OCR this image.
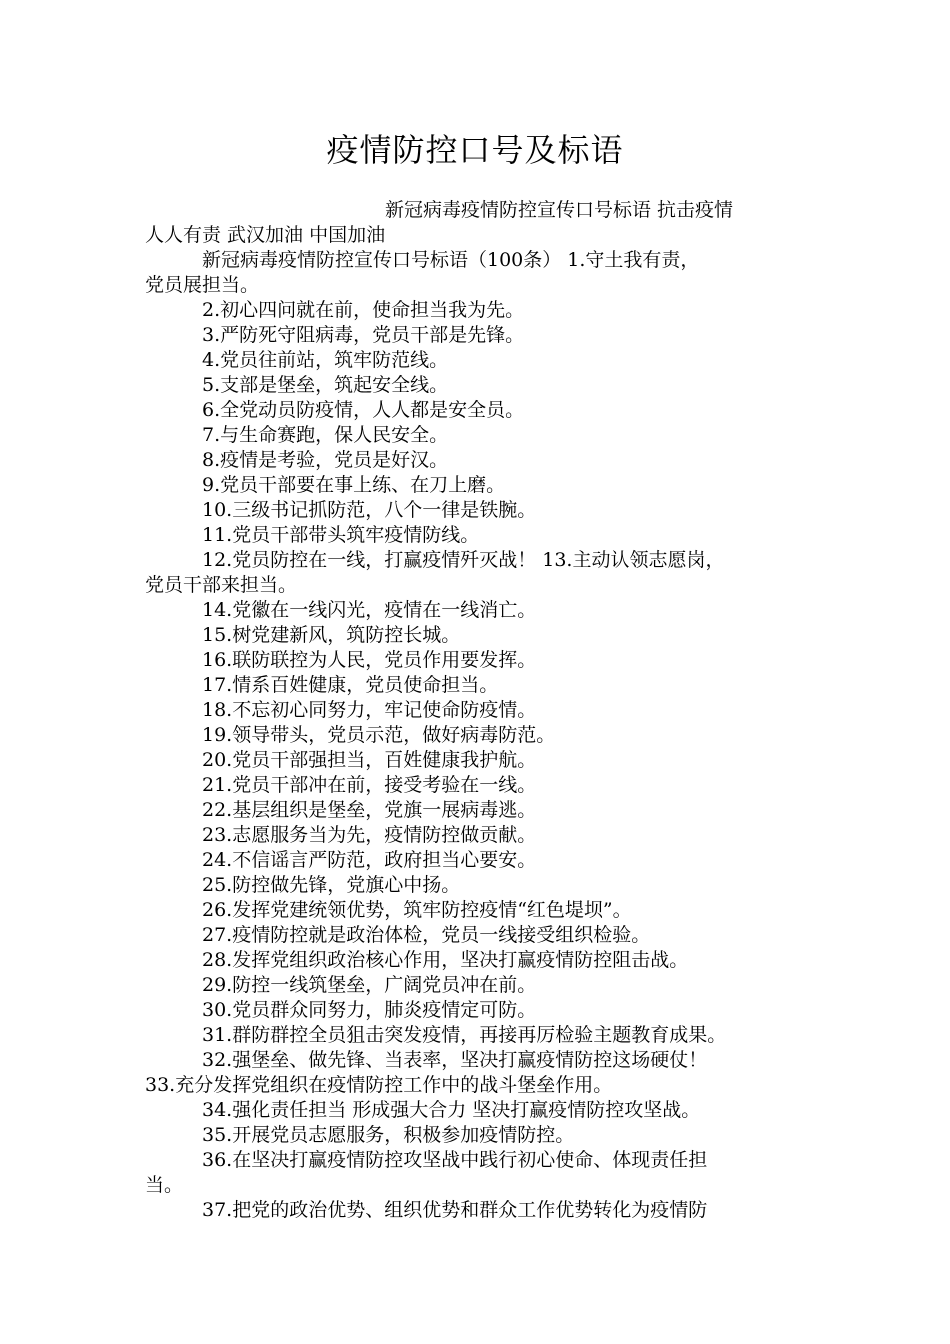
疫情防控口号及标语
新冠病毒疫情防控宣传口号标语 抗击疫情
人人有责 武汉加油 中国加油
新冠病毒疫情防控宣传口号标语（100条） 1.守土我有责，
党员展担当。
2.初心四问就在前，使命担当我为先。
3.严防死守阻病毒，党员干部是先锋。
4.党员往前站，筑牢防范线。
5.支部是堡垒，筑起安全线。
6.全党动员防疫情，人人都是安全员。
7.与生命赛跑，保人民安全。
8.疫情是考验，党员是好汉。
9.党员干部要在事上练、在刀上磨。
10.三级书记抓防范，八个一律是铁腕。
11.党员干部带头筑牢疫情防线。
12.党员防控在一线，打赢疫情歼灭战！ 13.主动认领志愿岗，
党员干部来担当。
14.党徽在一线闪光，疫情在一线消亡。
15.树党建新风，筑防控长城。
16.联防联控为人民，党员作用要发挥。
17.情系百姓健康，党员使命担当。
18.不忘初心同努力，牢记使命防疫情。
19.领导带头，党员示范，做好病毒防范。
20.党员干部强担当，百姓健康我护航。
21.党员干部冲在前，接受考验在一线。
22.基层组织是堡垒，党旗一展病毒逃。
23.志愿服务当为先，疫情防控做贡献。
24.不信谣言严防范，政府担当心要安。
25.防控做先锋，党旗心中扬。
26.发挥党建统领优势，筑牢防控疫情“红色堤坝”。
27.疫情防控就是政治体检，党员一线接受组织检验。
28.发挥党组织政治核心作用，坚决打赢疫情防控阻击战。
29.防控一线筑堡垒，广阔党员冲在前。
30.党员群众同努力，肺炎疫情定可防。
31.群防群控全员狙击突发疫情，再接再厉检验主题教育成果。
32.强堡垒、做先锋、当表率，坚决打赢疫情防控这场硬仗！
33.充分发挥党组织在疫情防控工作中的战斗堡垒作用。
34.强化责任担当 形成强大合力 坚决打赢疫情防控攻坚战。
35.开展党员志愿服务，积极参加疫情防控。
36.在坚决打赢疫情防控攻坚战中践行初心使命、体现责任担
当。
37.把党的政治优势、组织优势和群众工作优势转化为疫情防
